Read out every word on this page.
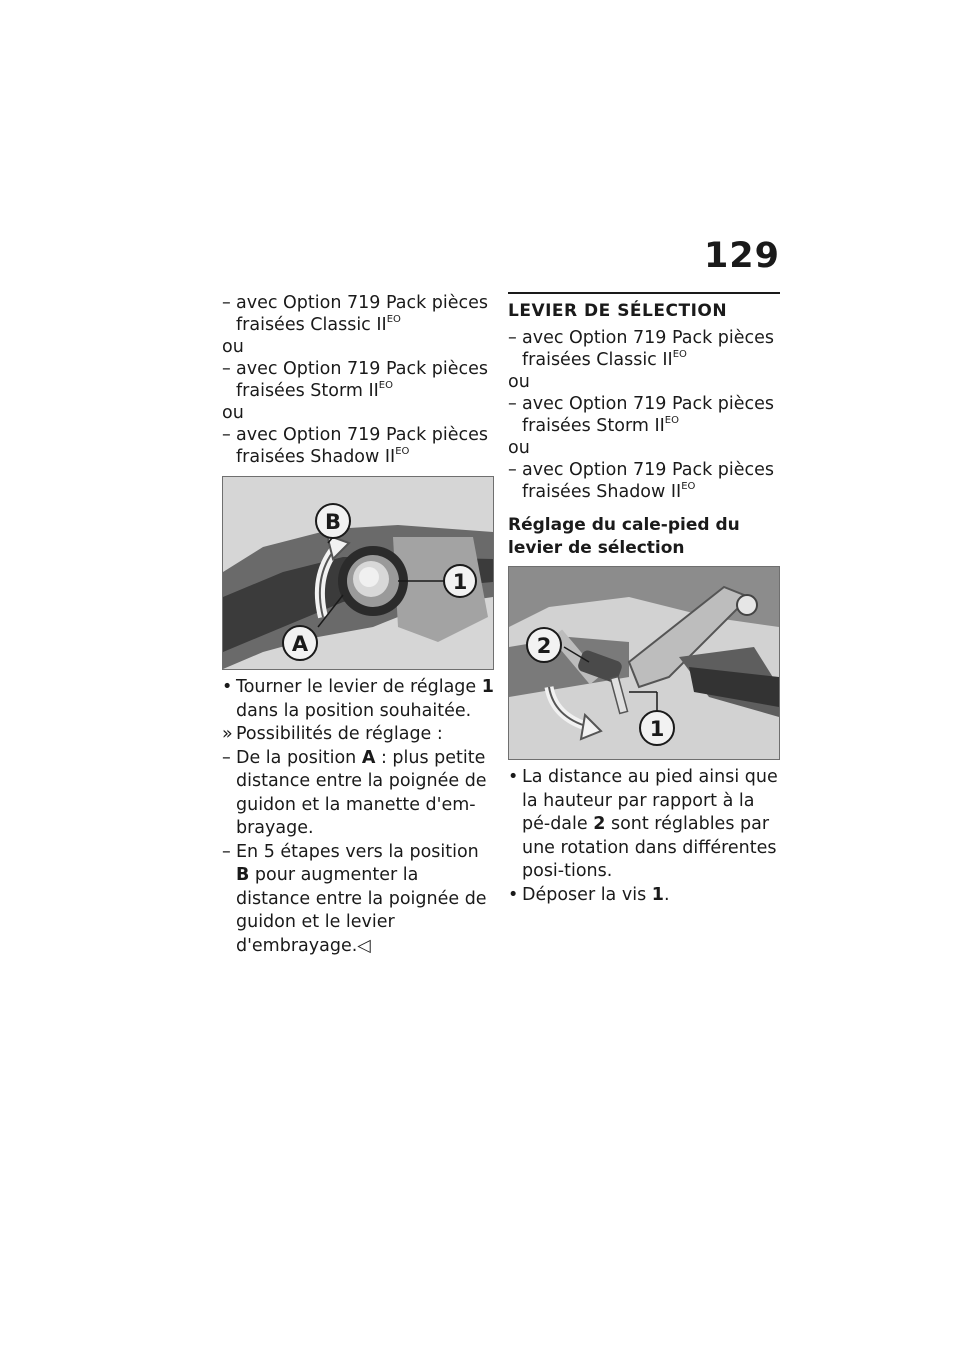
129

– avec Option 719 Pack pièces fraisées Classic $II^{EO}$

ou

– avec Option 719 Pack pièces fraisées Storm $II^{EO}$

ou

– avec Option 719 Pack pièces fraisées Shadow $II^{EO}$

B
1
A
• Tourner le levier de réglage 1 dans la position souhaitée.
» Possibilités de réglage :
– De la position A : plus petite distance entre la poignée de guidon et la manette d'em-brayage.
– En 5 étapes vers la position B pour augmenter la distance entre la poignée de guidon et le levier d'embrayage.◁
LEVIER DE SÉLECTION

– avec Option 719 Pack pièces fraisées Classic $II^{EO}$

ou

– avec Option 719 Pack pièces fraisées Storm $II^{EO}$

ou

– avec Option 719 Pack pièces fraisées Shadow $II^{EO}$

Réglage du cale-pied du levier de sélection
2
1
• La distance au pied ainsi que la hauteur par rapport à la pé-dale 2 sont réglables par une rotation dans différentes posi-tions.
• Déposer la vis 1.
